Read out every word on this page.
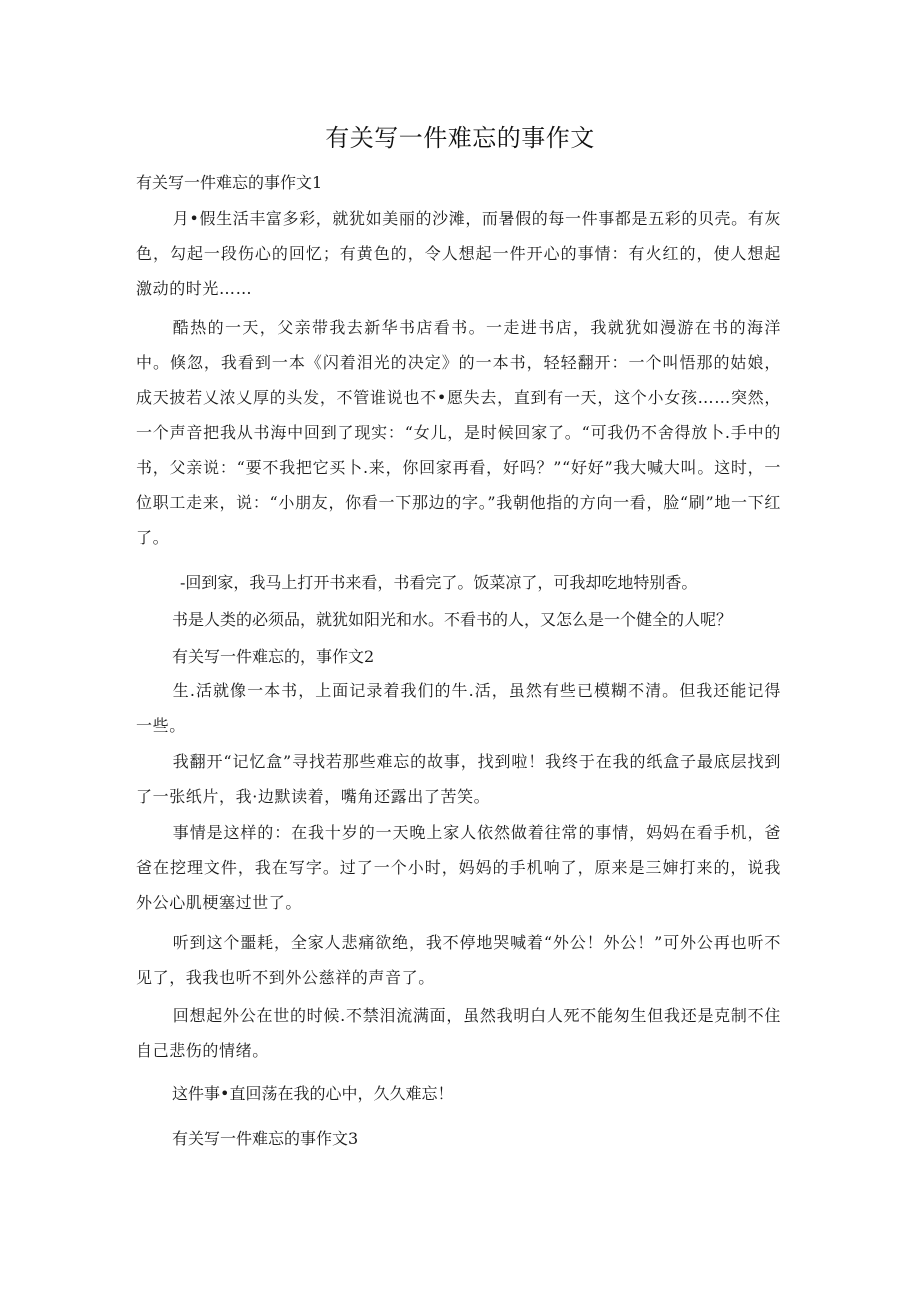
有关写一件难忘的事作文
有关写一件难忘的事作文1
月•假生活丰富多彩，就犹如美丽的沙滩，而暑假的每一件事都是五彩的贝壳。有灰色，勾起一段伤心的回忆；有黄色的，令人想起一件开心的事情：有火红的，使人想起激动的时光……
酷热的一天，父亲带我去新华书店看书。一走进书店，我就犹如漫游在书的海洋中。倏忽，我看到一本《闪着泪光的决定》的一本书，轻轻翻开：一个叫悟那的姑娘，成天披若乂浓乂厚的头发，不管谁说也不•愿失去，直到有一天，这个小女孩……突然，一个声音把我从书海中回到了现实：“女儿，是时候回家了。“可我仍不舍得放卜.手中的书，父亲说：“要不我把它买卜.来，你回家再看，好吗？”“好好”我大喊大叫。这时，一位职工走来，说：“小朋友，你看一下那边的字。”我朝他指的方向一看，脸“刷”地一下红了。
-回到家，我马上打开书来看，书看完了。饭菜凉了，可我却吃地特别香。
书是人类的必须品，就犹如阳光和水。不看书的人，又怎么是一个健全的人呢？
有关写一件难忘的，事作文2
生.活就像一本书，上面记录着我们的牛.活，虽然有些已模糊不清。但我还能记得一些。
我翻开“记忆盒”寻找若那些难忘的故事，找到啦！我终于在我的纸盒子最底层找到了一张纸片，我·边默读着，嘴角还露出了苦笑。
事情是这样的：在我十岁的一天晚上家人依然做着往常的事情，妈妈在看手机，爸爸在挖理文件，我在写字。过了一个小时，妈妈的手机响了，原来是三婶打来的，说我外公心肌梗塞过世了。
听到这个噩耗，全家人悲痛欲绝，我不停地哭喊着“外公！外公！”可外公再也听不见了，我我也听不到外公慈祥的声音了。
回想起外公在世的时候.不禁泪流满面，虽然我明白人死不能匆生但我还是克制不住自己悲伤的情绪。
这件事•直回荡在我的心中，久久难忘！
有关写一件难忘的事作文3
